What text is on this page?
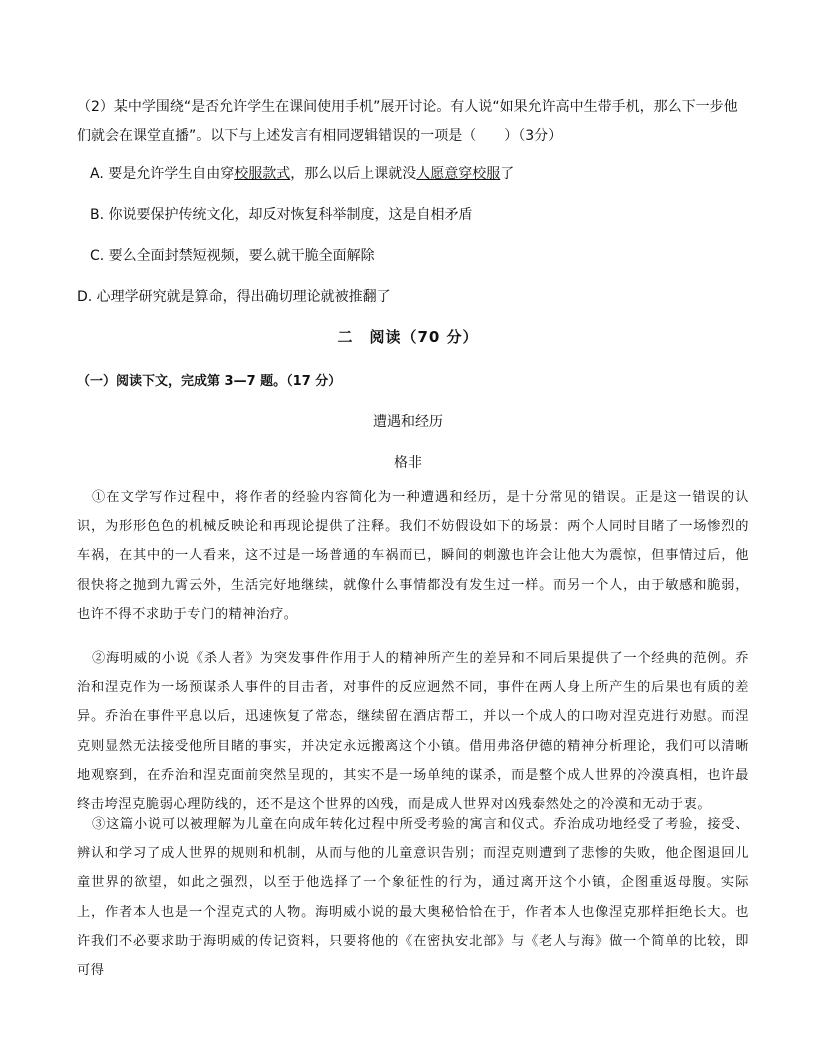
（2）某中学围绕“是否允许学生在课间使用手机”展开讨论。有人说“如果允许高中生带手机，那么下一步他们就会在课堂直播”。以下与上述发言有相同逻辑错误的一项是（　　）（3分）
A. 要是允许学生自由穿校服款式，那么以后上课就没人愿意穿校服了
B. 你说要保护传统文化，却反对恢复科举制度，这是自相矛盾
C. 要么全面封禁短视频，要么就干脆全面解除
D. 心理学研究就是算命，得出确切理论就被推翻了
二　阅读（70 分）
（一）阅读下文，完成第 3—7 题。（17 分）
遭遇和经历
格非
①在文学写作过程中，将作者的经验内容简化为一种遭遇和经历，是十分常见的错误。正是这一错误的认识，为形形色色的机械反映论和再现论提供了注释。我们不妨假设如下的场景：两个人同时目睹了一场惨烈的车祸，在其中的一人看来，这不过是一场普通的车祸而已，瞬间的刺激也许会让他大为震惊，但事情过后，他很快将之抛到九霄云外，生活完好地继续，就像什么事情都没有发生过一样。而另一个人，由于敏感和脆弱，也许不得不求助于专门的精神治疗。
②海明威的小说《杀人者》为突发事件作用于人的精神所产生的差异和不同后果提供了一个经典的范例。乔治和涅克作为一场预谋杀人事件的目击者，对事件的反应迥然不同，事件在两人身上所产生的后果也有质的差异。乔治在事件平息以后，迅速恢复了常态，继续留在酒店帮工，并以一个成人的口吻对涅克进行劝慰。而涅克则显然无法接受他所目睹的事实，并决定永远搬离这个小镇。借用弗洛伊德的精神分析理论，我们可以清晰地观察到，在乔治和涅克面前突然呈现的，其实不是一场单纯的谋杀，而是整个成人世界的冷漠真相，也许最终击垮涅克脆弱心理防线的，还不是这个世界的凶残，而是成人世界对凶残泰然处之的冷漠和无动于衷。
③这篇小说可以被理解为儿童在向成年转化过程中所受考验的寓言和仪式。乔治成功地经受了考验，接受、辨认和学习了成人世界的规则和机制，从而与他的儿童意识告别；而涅克则遭到了悲惨的失败，他企图退回儿童世界的欲望，如此之强烈，以至于他选择了一个象征性的行为，通过离开这个小镇，企图重返母腹。实际上，作者本人也是一个涅克式的人物。海明威小说的最大奥秘恰恰在于，作者本人也像涅克那样拒绝长大。也许我们不必要求助于海明威的传记资料，只要将他的《在密执安北部》与《老人与海》做一个简单的比较，即可得
